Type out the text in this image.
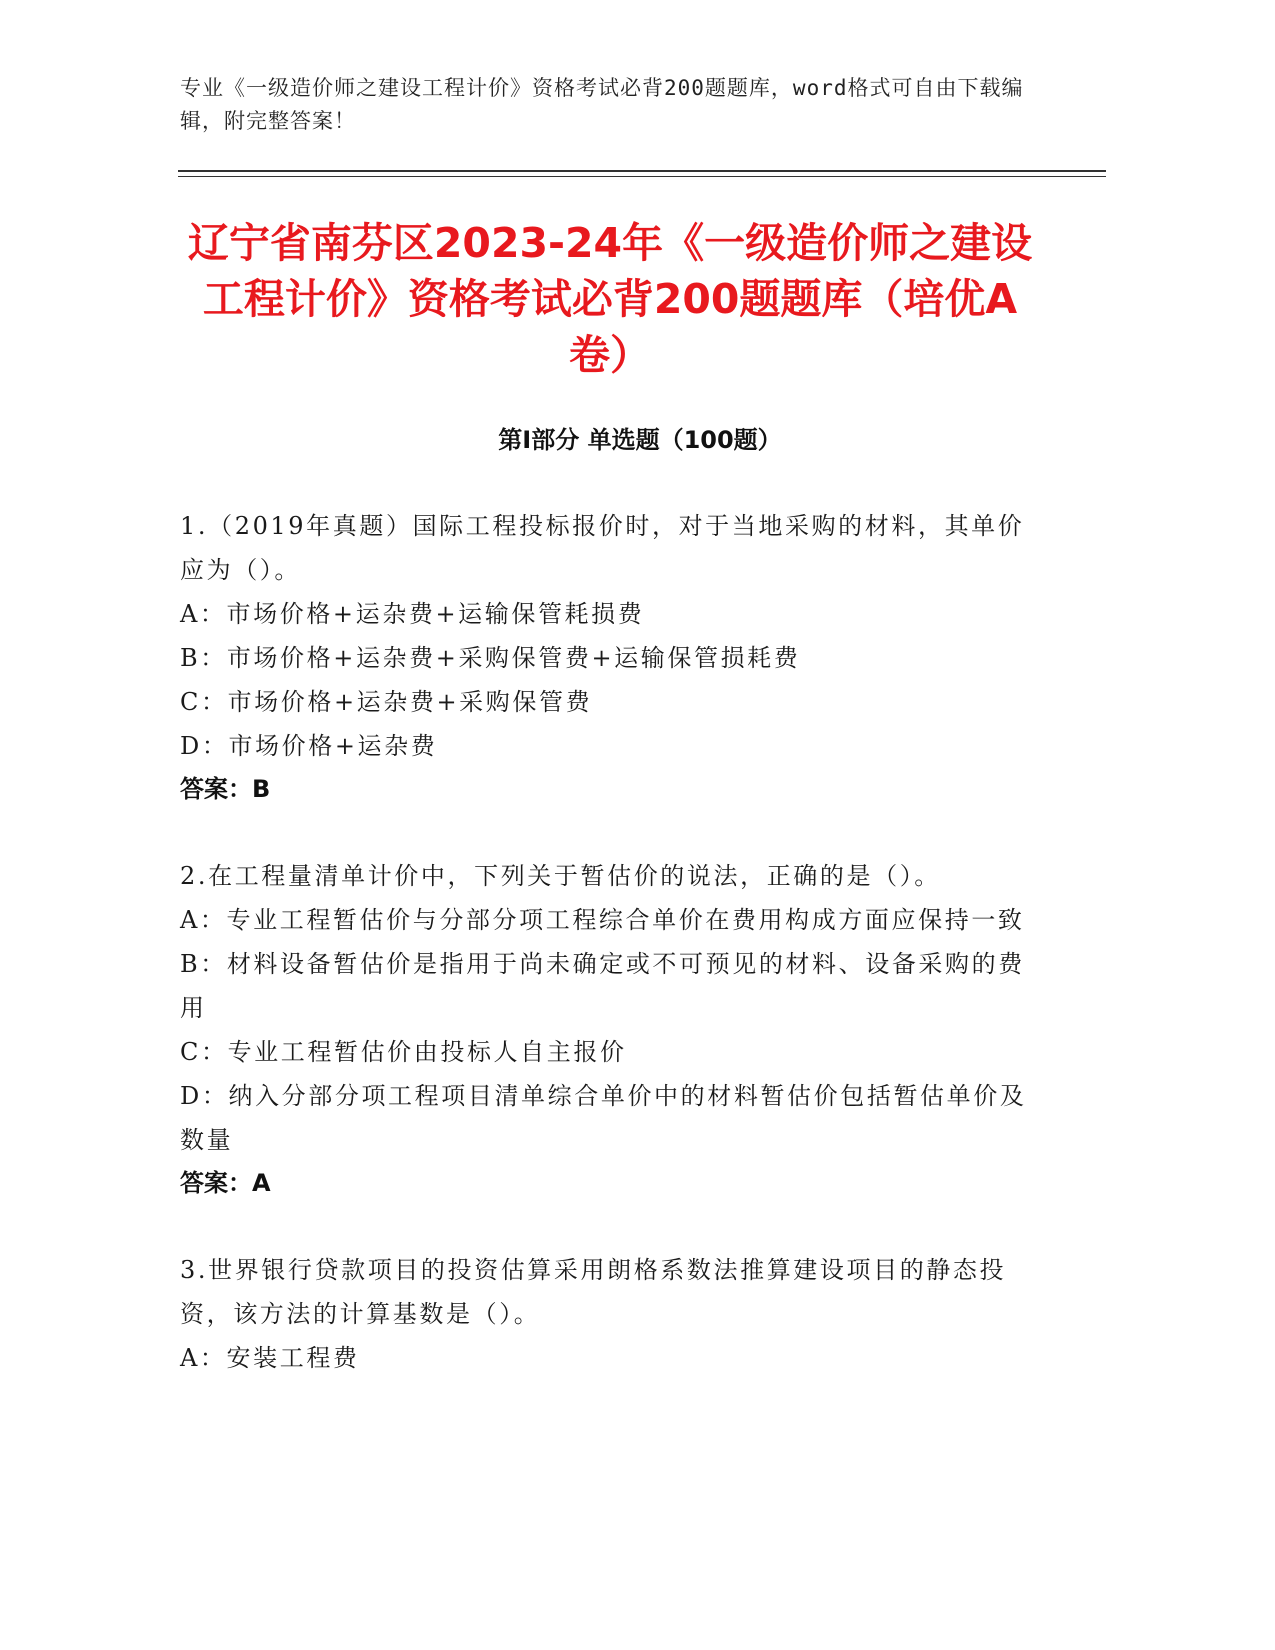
专业《一级造价师之建设工程计价》资格考试必背200题题库，word格式可自由下载编辑，附完整答案！
辽宁省南芬区2023-24年《一级造价师之建设工程计价》资格考试必背200题题库（培优A卷）
第I部分 单选题（100题）
1.（2019年真题）国际工程投标报价时，对于当地采购的材料，其单价应为（）。
A：市场价格+运杂费+运输保管耗损费
B：市场价格+运杂费+采购保管费+运输保管损耗费
C：市场价格+运杂费+采购保管费
D：市场价格+运杂费
答案：B
2.在工程量清单计价中，下列关于暂估价的说法，正确的是（）。
A：专业工程暂估价与分部分项工程综合单价在费用构成方面应保持一致
B：材料设备暂估价是指用于尚未确定或不可预见的材料、设备采购的费用
C：专业工程暂估价由投标人自主报价
D：纳入分部分项工程项目清单综合单价中的材料暂估价包括暂估单价及数量
答案：A
3.世界银行贷款项目的投资估算采用朗格系数法推算建设项目的静态投资，该方法的计算基数是（）。
A：安装工程费
